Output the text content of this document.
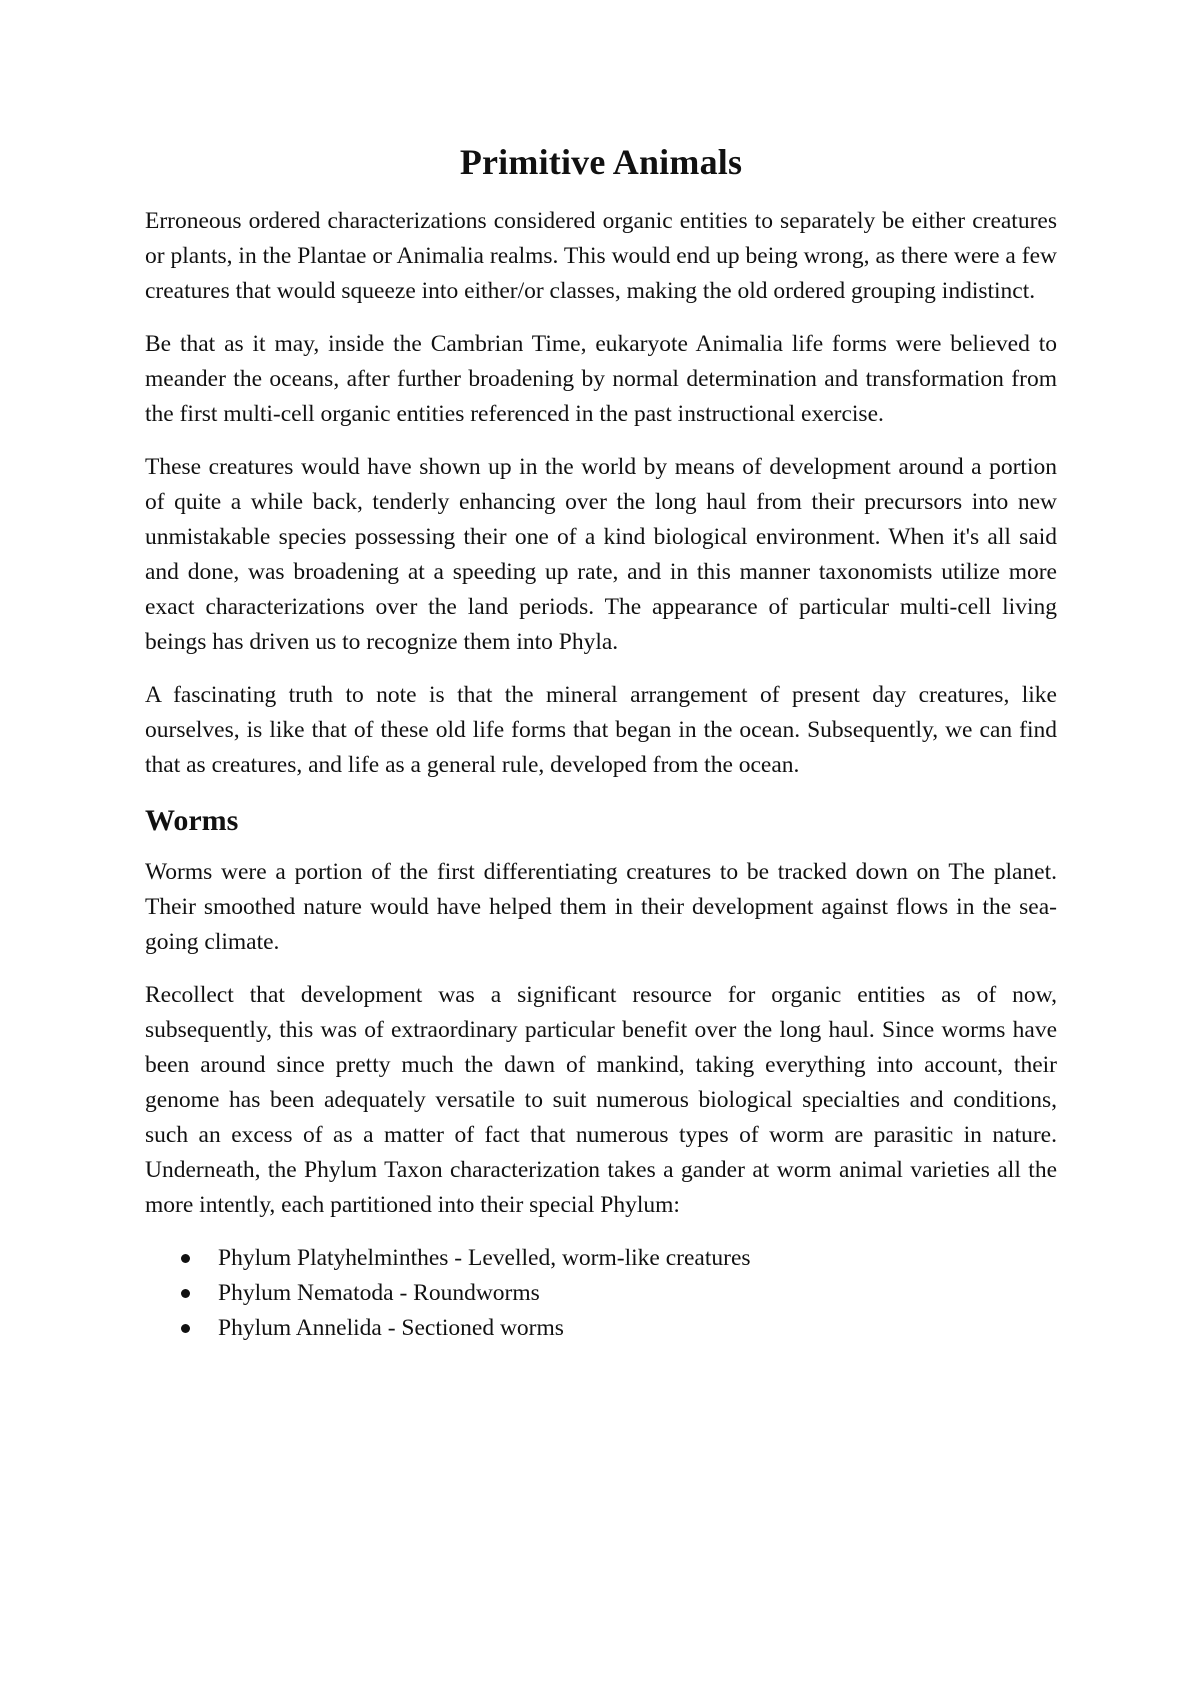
Primitive Animals

Erroneous ordered characterizations considered organic entities to separately be either creatures or plants, in the Plantae or Animalia realms. This would end up being wrong, as there were a few creatures that would squeeze into either/or classes, making the old ordered grouping indistinct.

Be that as it may, inside the Cambrian Time, eukaryote Animalia life forms were believed to meander the oceans, after further broadening by normal determination and transformation from the first multi-cell organic entities referenced in the past instructional exercise.

These creatures would have shown up in the world by means of development around a portion of quite a while back, tenderly enhancing over the long haul from their precursors into new unmistakable species possessing their one of a kind biological environment. When it's all said and done, was broadening at a speeding up rate, and in this manner taxonomists utilize more exact characterizations over the land periods. The appearance of particular multi-cell living beings has driven us to recognize them into Phyla.

A fascinating truth to note is that the mineral arrangement of present day creatures, like ourselves, is like that of these old life forms that began in the ocean. Subsequently, we can find that as creatures, and life as a general rule, developed from the ocean.

Worms

Worms were a portion of the first differentiating creatures to be tracked down on The planet. Their smoothed nature would have helped them in their development against flows in the sea-going climate.

Recollect that development was a significant resource for organic entities as of now, subsequently, this was of extraordinary particular benefit over the long haul. Since worms have been around since pretty much the dawn of mankind, taking everything into account, their genome has been adequately versatile to suit numerous biological specialties and conditions, such an excess of as a matter of fact that numerous types of worm are parasitic in nature. Underneath, the Phylum Taxon characterization takes a gander at worm animal varieties all the more intently, each partitioned into their special Phylum:

Phylum Platyhelminthes - Levelled, worm-like creatures
Phylum Nematoda - Roundworms
Phylum Annelida - Sectioned worms
